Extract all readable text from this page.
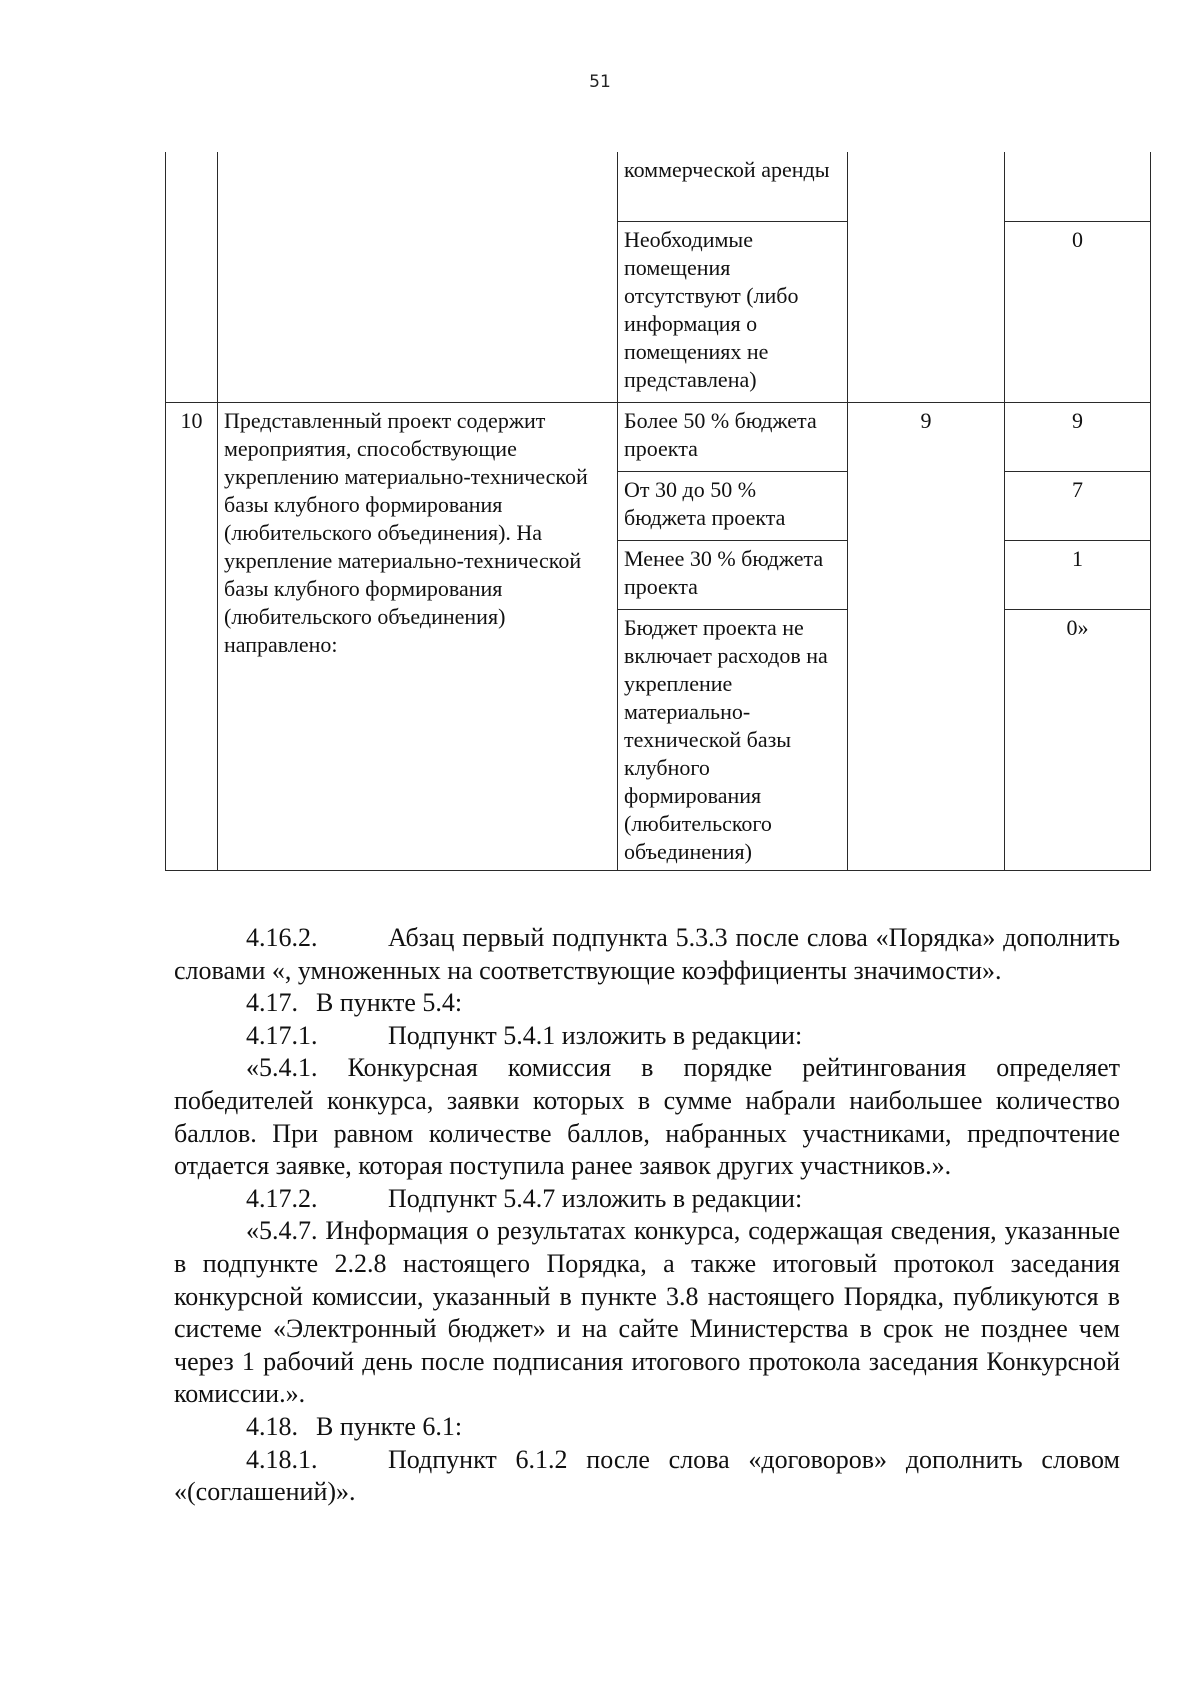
51
		коммерческой аренды		
		Необходимые помещения отсутствуют (либо информация о помещениях не представлена)		0
10	Представленный проект содержит мероприятия, способствующие укреплению материально-технической базы клубного формирования (любительского объединения). На укрепление материально-технической базы клубного формирования (любительского объединения) направлено:	Более 50 % бюджета проекта	9	9
		От 30 до 50 % бюджета проекта		7
		Менее 30 % бюджета проекта		1
		Бюджет проекта не включает расходов на укрепление материально-технической базы клубного формирования (любительского объединения)		0»

4.16.2.	Абзац первый подпункта 5.3.3 после слова «Порядка» дополнить словами «, умноженных на соответствующие коэффициенты значимости».

4.17. В пункте 5.4:

4.17.1.	Подпункт 5.4.1 изложить в редакции:

«5.4.1. Конкурсная комиссия в порядке рейтингования определяет победителей конкурса, заявки которых в сумме набрали наибольшее количество баллов. При равном количестве баллов, набранных участниками, предпочтение отдается заявке, которая поступила ранее заявок других участников.».

4.17.2.	Подпункт 5.4.7 изложить в редакции:

«5.4.7. Информация о результатах конкурса, содержащая сведения, указанные в подпункте 2.2.8 настоящего Порядка, а также итоговый протокол заседания конкурсной комиссии, указанный в пункте 3.8 настоящего Порядка, публикуются в системе «Электронный бюджет» и на сайте Министерства в срок не позднее чем через 1 рабочий день после подписания итогового протокола заседания Конкурсной комиссии.».

4.18. В пункте 6.1:

4.18.1.	Подпункт 6.1.2 после слова «договоров» дополнить словом «(соглашений)».
